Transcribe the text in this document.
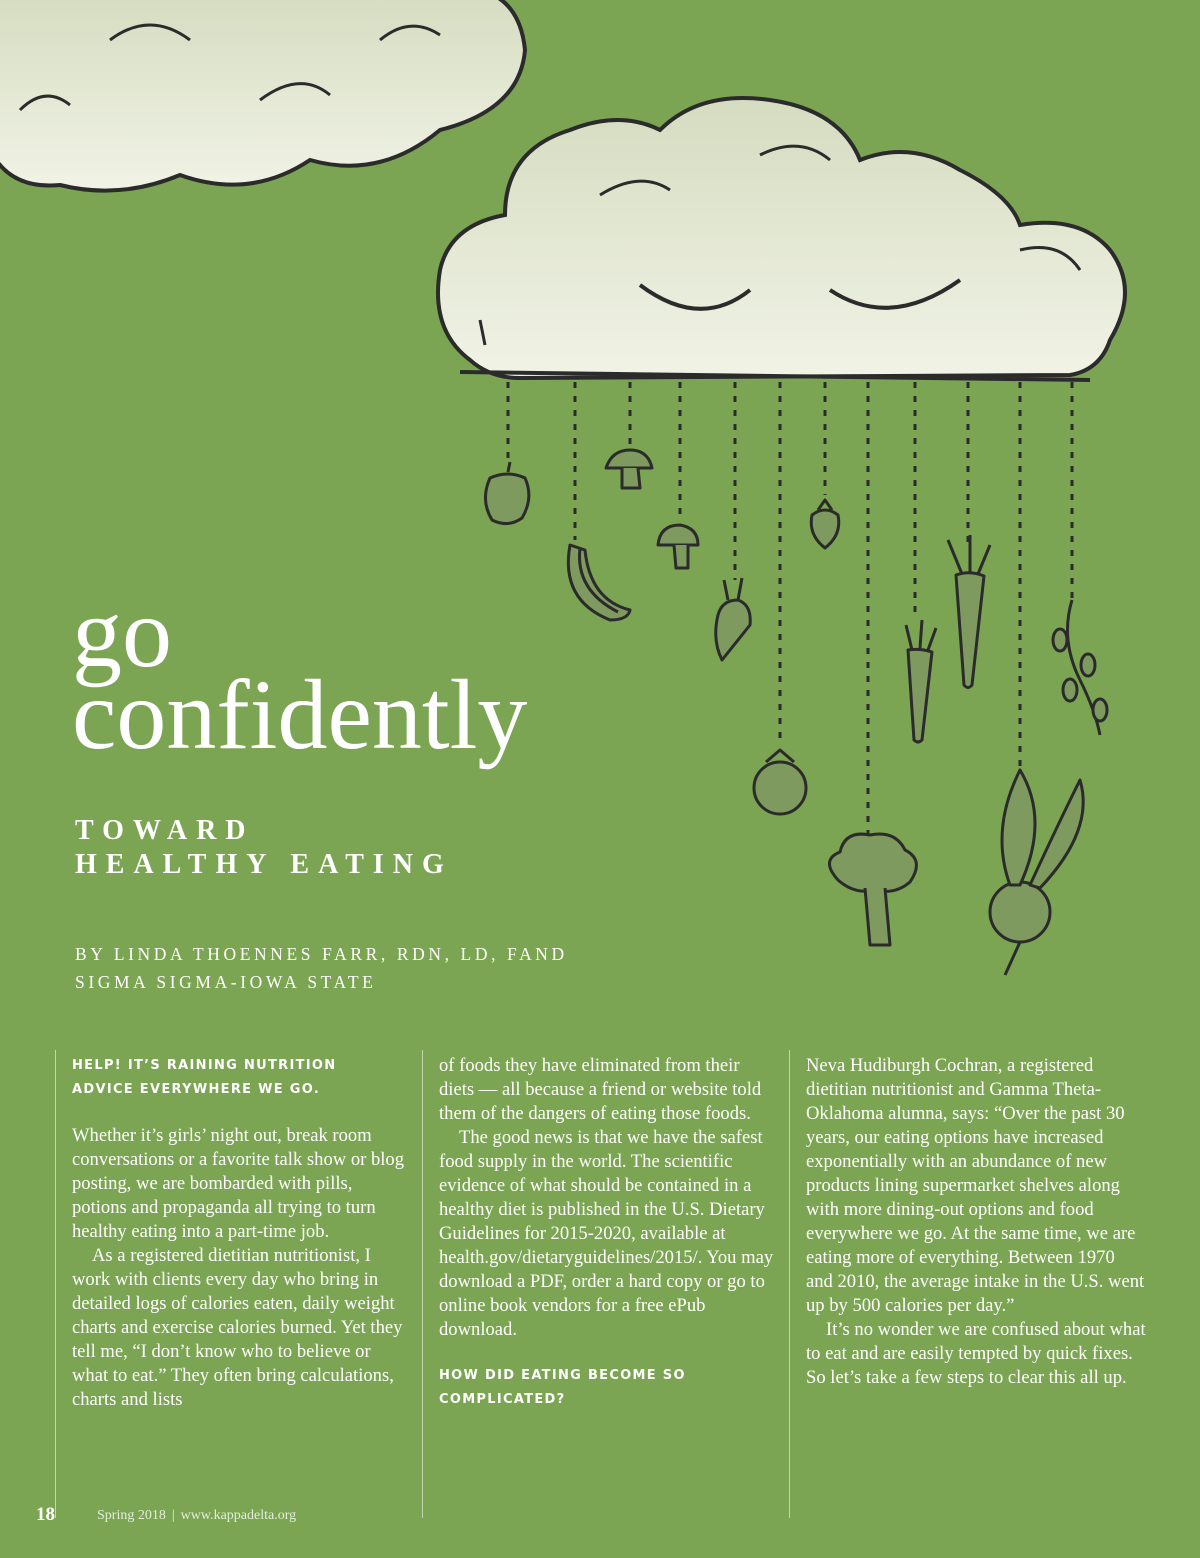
go
confidently
TOWARD
HEALTHY EATING
BY LINDA THOENNES FARR, RDN, LD, FAND
SIGMA SIGMA-IOWA STATE
HELP! IT’S RAINING NUTRITION
ADVICE EVERYWHERE WE GO.

Whether it’s girls’ night out, break room conversations or a favorite talk show or blog posting, we are bombarded with pills, potions and propaganda all trying to turn healthy eating into a part-time job.

As a registered dietitian nutritionist, I work with clients every day who bring in detailed logs of calories eaten, daily weight charts and exercise calories burned. Yet they tell me, “I don’t know who to believe or what to eat.” They often bring calculations, charts and lists

of foods they have eliminated from their diets — all because a friend or website told them of the dangers of eating those foods.

The good news is that we have the safest food supply in the world. The scientific evidence of what should be contained in a healthy diet is published in the U.S. Dietary Guidelines for 2015-2020, available at health.gov/dietaryguidelines/2015/. You may download a PDF, order a hard copy or go to online book vendors for a free ePub download.

HOW DID EATING BECOME SO
COMPLICATED?

Neva Hudiburgh Cochran, a registered dietitian nutritionist and Gamma Theta-Oklahoma alumna, says: “Over the past 30 years, our eating options have increased exponentially with an abundance of new products lining supermarket shelves along with more dining-out options and food everywhere we go. At the same time, we are eating more of everything. Between 1970 and 2010, the average intake in the U.S. went up by 500 calories per day.”

It’s no wonder we are confused about what to eat and are easily tempted by quick fixes. So let’s take a few steps to clear this all up.

18	Spring 2018 | www.kappadelta.org
